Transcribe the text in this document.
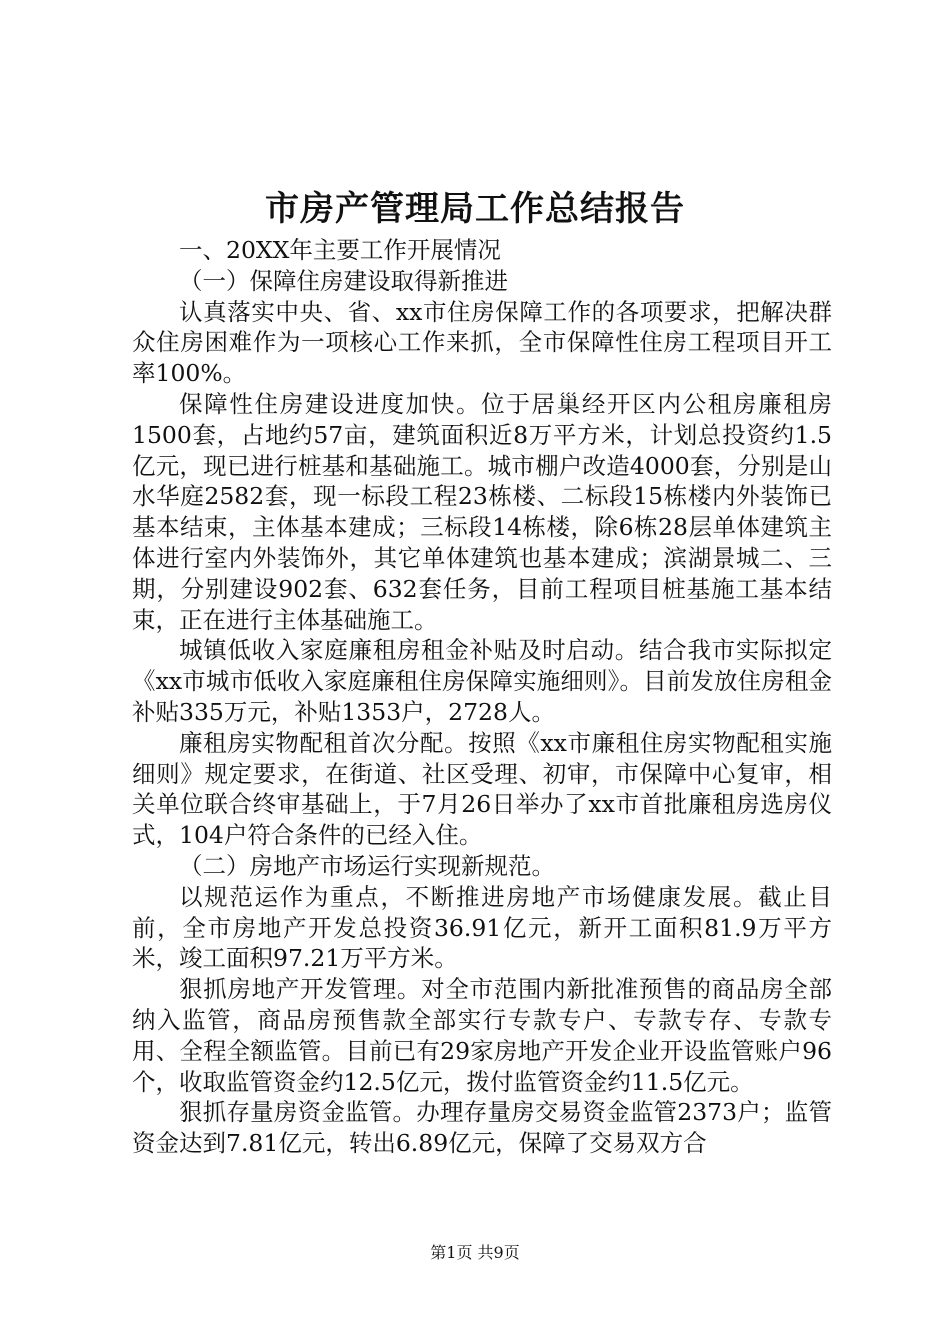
市房产管理局工作总结报告

一、20XX年主要工作开展情况

（一）保障住房建设取得新推进

认真落实中央、省、xx市住房保障工作的各项要求，把解决群众住房困难作为一项核心工作来抓，全市保障性住房工程项目开工率100%。

保障性住房建设进度加快。位于居巢经开区内公租房廉租房1500套，占地约57亩，建筑面积近8万平方米，计划总投资约1.5亿元，现已进行桩基和基础施工。城市棚户改造4000套，分别是山水华庭2582套，现一标段工程23栋楼、二标段15栋楼内外装饰已基本结束，主体基本建成；三标段14栋楼，除6栋28层单体建筑主体进行室内外装饰外，其它单体建筑也基本建成；滨湖景城二、三期，分别建设902套、632套任务，目前工程项目桩基施工基本结束，正在进行主体基础施工。

城镇低收入家庭廉租房租金补贴及时启动。结合我市实际拟定《xx市城市低收入家庭廉租住房保障实施细则》。目前发放住房租金补贴335万元，补贴1353户，2728人。

廉租房实物配租首次分配。按照《xx市廉租住房实物配租实施细则》规定要求，在街道、社区受理、初审，市保障中心复审，相关单位联合终审基础上，于7月26日举办了xx市首批廉租房选房仪式，104户符合条件的已经入住。

（二）房地产市场运行实现新规范。

以规范运作为重点，不断推进房地产市场健康发展。截止目前，全市房地产开发总投资36.91亿元，新开工面积81.9万平方米，竣工面积97.21万平方米。

狠抓房地产开发管理。对全市范围内新批准预售的商品房全部纳入监管，商品房预售款全部实行专款专户、专款专存、专款专用、全程全额监管。目前已有29家房地产开发企业开设监管账户96个，收取监管资金约12.5亿元，拨付监管资金约11.5亿元。

狠抓存量房资金监管。办理存量房交易资金监管2373户；监管资金达到7.81亿元，转出6.89亿元，保障了交易双方合

第1页 共9页
